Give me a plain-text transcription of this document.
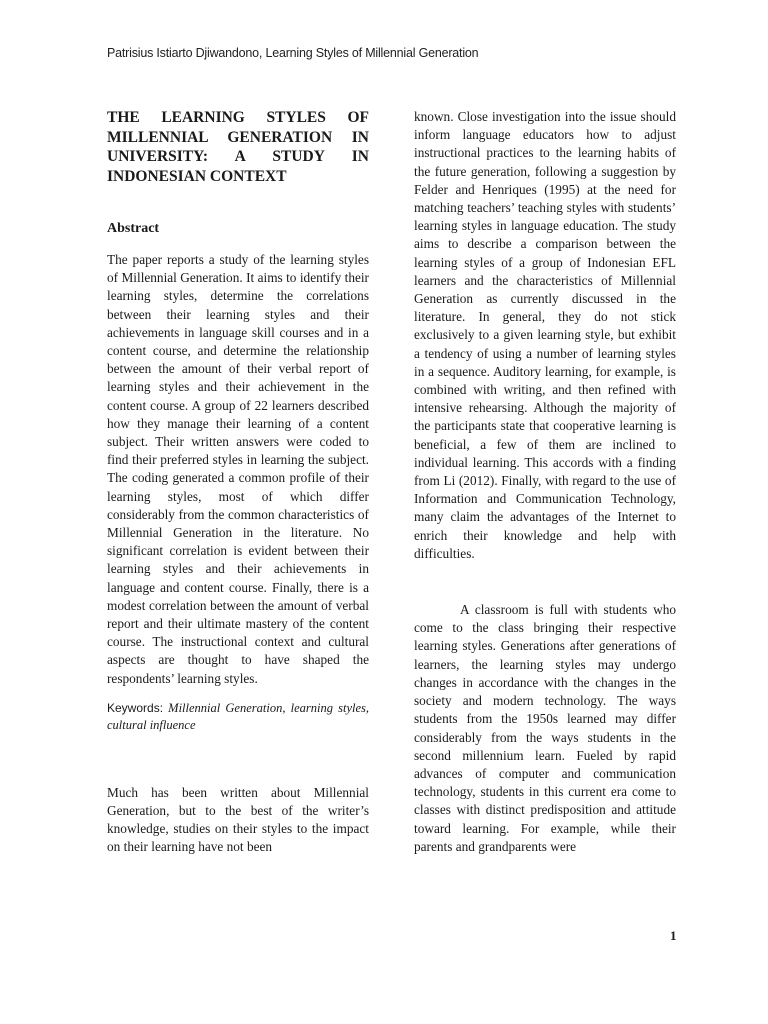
Patrisius Istiarto Djiwandono, Learning Styles of Millennial Generation
THE LEARNING STYLES OF MILLENNIAL GENERATION IN UNIVERSITY: A STUDY IN INDONESIAN CONTEXT
Abstract

The paper reports a study of the learning styles of Millennial Generation. It aims to identify their learning styles, determine the correlations between their learning styles and their achievements in language skill courses and in a content course, and determine the relationship between the amount of their verbal report of learning styles and their achievement in the content course. A group of 22 learners described how they manage their learning of a content subject. Their written answers were coded to find their preferred styles in learning the subject. The coding generated a common profile of their learning styles, most of which differ considerably from the common characteristics of Millennial Generation in the literature. No significant correlation is evident between their learning styles and their achievements in language and content course. Finally, there is a modest correlation between the amount of verbal report and their ultimate mastery of the content course. The instructional context and cultural aspects are thought to have shaped the respondents’ learning styles.

Keywords: Millennial Generation, learning styles, cultural influence

Much has been written about Millennial Generation, but to the best of the writer’s knowledge, studies on their styles to the impact on their learning have not been

known. Close investigation into the issue should inform language educators how to adjust instructional practices to the learning habits of the future generation, following a suggestion by Felder and Henriques (1995) at the need for matching teachers’ teaching styles with students’ learning styles in language education. The study aims to describe a comparison between the learning styles of a group of Indonesian EFL learners and the characteristics of Millennial Generation as currently discussed in the literature. In general, they do not stick exclusively to a given learning style, but exhibit a tendency of using a number of learning styles in a sequence. Auditory learning, for example, is combined with writing, and then refined with intensive rehearsing. Although the majority of the participants state that cooperative learning is beneficial, a few of them are inclined to individual learning. This accords with a finding from Li (2012). Finally, with regard to the use of Information and Communication Technology, many claim the advantages of the Internet to enrich their knowledge and help with difficulties.

A classroom is full with students who come to the class bringing their respective learning styles. Generations after generations of learners, the learning styles may undergo changes in accordance with the changes in the society and modern technology. The ways students from the 1950s learned may differ considerably from the ways students in the second millennium learn. Fueled by rapid advances of computer and communication technology, students in this current era come to classes with distinct predisposition and attitude toward learning. For example, while their parents and grandparents were

1
